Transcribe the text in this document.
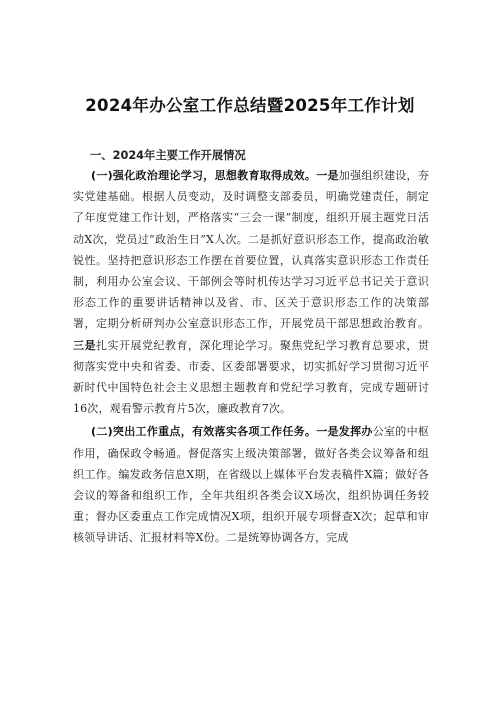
2024年办公室工作总结暨2025年工作计划
一、2024年主要工作开展情况

(一)强化政治理论学习，思想教育取得成效。一是加强组织建设，夯实党建基础。根据人员变动，及时调整支部委员，明确党建责任，制定了年度党建工作计划，严格落实“三会一课”制度，组织开展主题党日活动X次，党员过“政治生日”X人次。二是抓好意识形态工作，提高政治敏锐性。坚持把意识形态工作摆在首要位置，认真落实意识形态工作责任制，利用办公室会议、干部例会等时机传达学习习近平总书记关于意识形态工作的重要讲话精神以及省、市、区关于意识形态工作的决策部署，定期分析研判办公室意识形态工作，开展党员干部思想政治教育。三是扎实开展党纪教育，深化理论学习。聚焦党纪学习教育总要求，贯彻落实党中央和省委、市委、区委部署要求，切实抓好学习贯彻习近平新时代中国特色社会主义思想主题教育和党纪学习教育，完成专题研讨16次，观看警示教育片5次，廉政教育7次。

(二)突出工作重点，有效落实各项工作任务。一是发挥办公室的中枢作用，确保政令畅通。督促落实上级决策部署，做好各类会议筹备和组织工作。编发政务信息X期，在省级以上媒体平台发表稿件X篇；做好各会议的筹备和组织工作，全年共组织各类会议X场次，组织协调任务较重；督办区委重点工作完成情况X项，组织开展专项督查X次；起草和审核领导讲话、汇报材料等X份。二是统筹协调各方，完成
